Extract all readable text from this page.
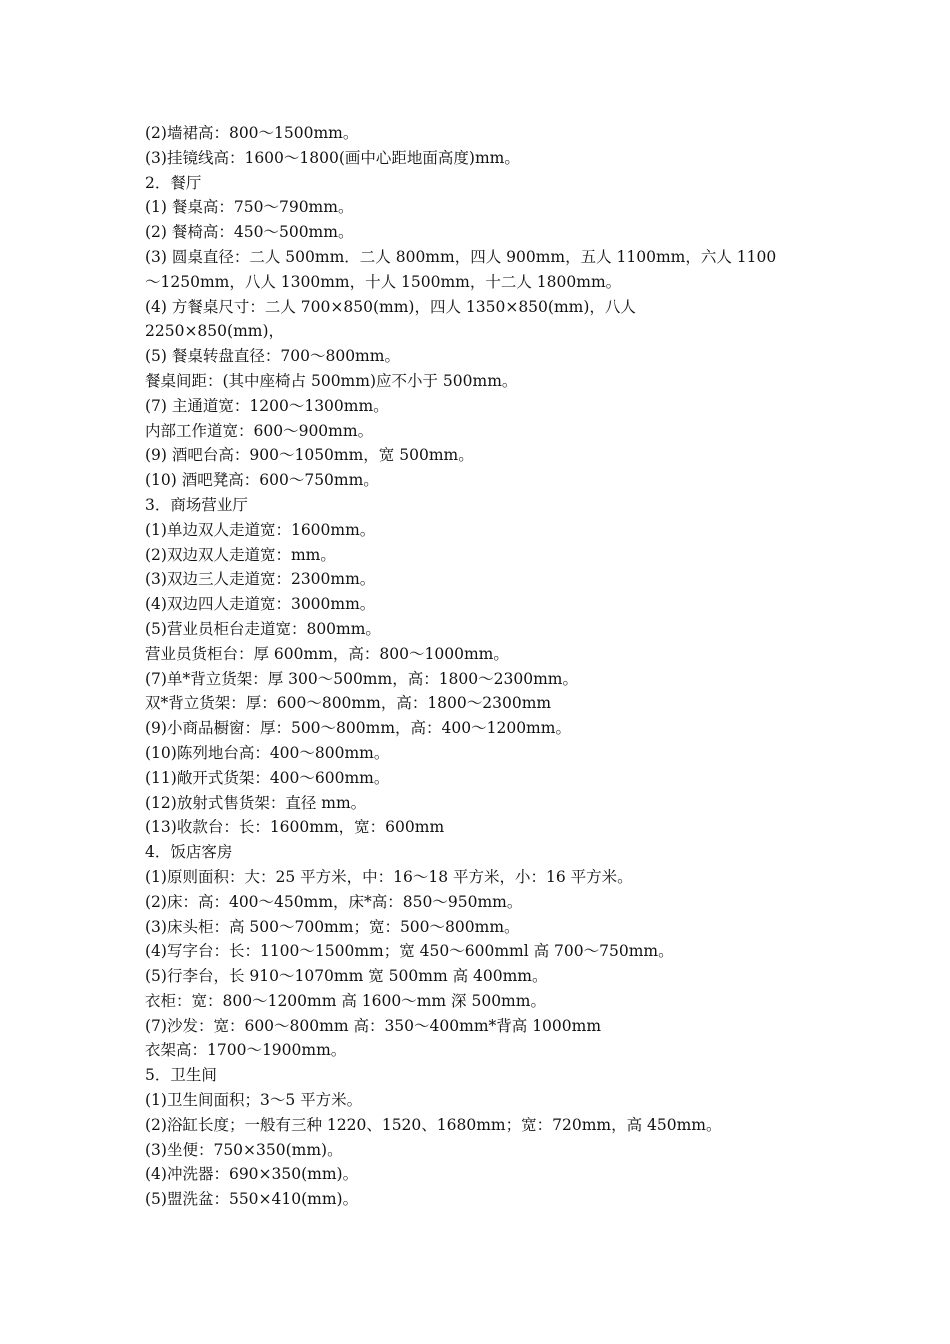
(2)墙裙高：800～1500mm。
(3)挂镜线高：1600～1800(画中心距地面高度)mm。
2．餐厅
(1) 餐桌高：750～790mm。
(2) 餐椅高：450～500mm。
(3) 圆桌直径：二人 500mm．二人 800mm，四人 900mm，五人 1100mm，六人 1100
～1250mm，八人 1300mm，十人 1500mm，十二人 1800mm。
(4) 方餐桌尺寸：二人 700×850(mm)，四人 1350×850(mm)，八人
2250×850(mm)，
(5) 餐桌转盘直径：700～800mm。
餐桌间距：(其中座椅占 500mm)应不小于 500mm。
(7) 主通道宽：1200～1300mm。
内部工作道宽：600～900mm。
(9) 酒吧台高：900～1050mm，宽 500mm。
(10) 酒吧凳高：600～750mm。
3．商场营业厅
(1)单边双人走道宽：1600mm。
(2)双边双人走道宽：mm。
(3)双边三人走道宽：2300mm。
(4)双边四人走道宽：3000mm。
(5)营业员柜台走道宽：800mm。
营业员货柜台：厚 600mm，高：800～1000mm。
(7)单*背立货架：厚 300～500mm，高：1800～2300mm。
双*背立货架：厚：600～800mm，高：1800～2300mm
(9)小商品橱窗：厚：500～800mm，高：400～1200mm。
(10)陈列地台高：400～800mm。
(11)敞开式货架：400～600mm。
(12)放射式售货架：直径 mm。
(13)收款台：长：1600mm，宽：600mm
4．饭店客房
(1)原则面积：大：25 平方米，中：16～18 平方米，小：16 平方米。
(2)床：高：400～450mm，床*高：850～950mm。
(3)床头柜：高 500～700mm；宽：500～800mm。
(4)写字台：长：1100～1500mm；宽 450～600mml 高 700～750mm。
(5)行李台，长 910～1070mm 宽 500mm 高 400mm。
衣柜：宽：800～1200mm 高 1600～mm 深 500mm。
(7)沙发：宽：600～800mm 高：350～400mm*背高 1000mm
衣架高：1700～1900mm。
5．卫生间
(1)卫生间面积；3～5 平方米。
(2)浴缸长度；一般有三种 1220、1520、1680mm；宽：720mm，高 450mm。
(3)坐便：750×350(mm)。
(4)冲洗器：690×350(mm)。
(5)盟洗盆：550×410(mm)。
